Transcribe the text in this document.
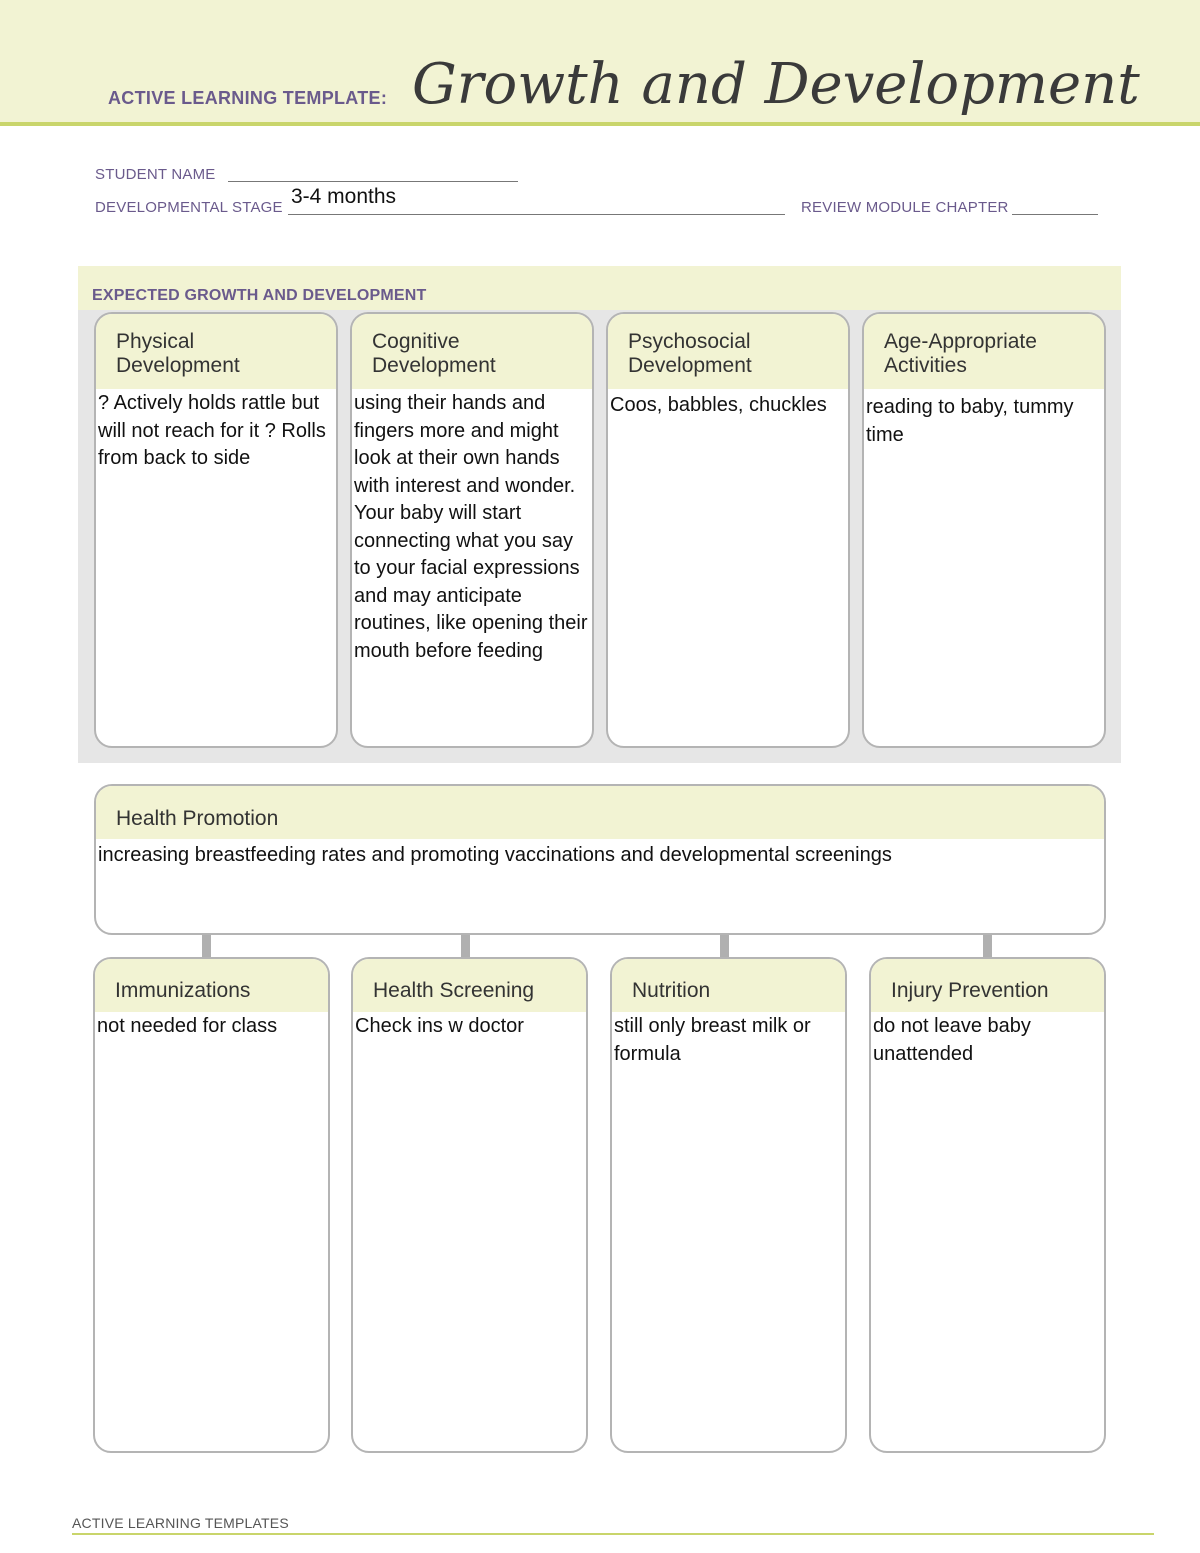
ACTIVE LEARNING TEMPLATE: Growth and Development
STUDENT NAME
DEVELOPMENTAL STAGE 3-4 months	REVIEW MODULE CHAPTER
EXPECTED GROWTH AND DEVELOPMENT
Physical
Development
? Actively holds rattle but will not reach for it ? Rolls from back to side
Cognitive
Development
using their hands and fingers more and might look at their own hands with interest and wonder. Your baby will start connecting what you say to your facial expressions and may anticipate routines, like opening their mouth before feeding
Psychosocial
Development
Coos, babbles, chuckles
Age-Appropriate
Activities
reading to baby, tummy time
Health Promotion
increasing breastfeeding rates and promoting vaccinations and developmental screenings
Immunizations
not needed for class
Health Screening
Check ins w doctor
Nutrition
still only breast milk or formula
Injury Prevention
do not leave baby unattended
ACTIVE LEARNING TEMPLATES
